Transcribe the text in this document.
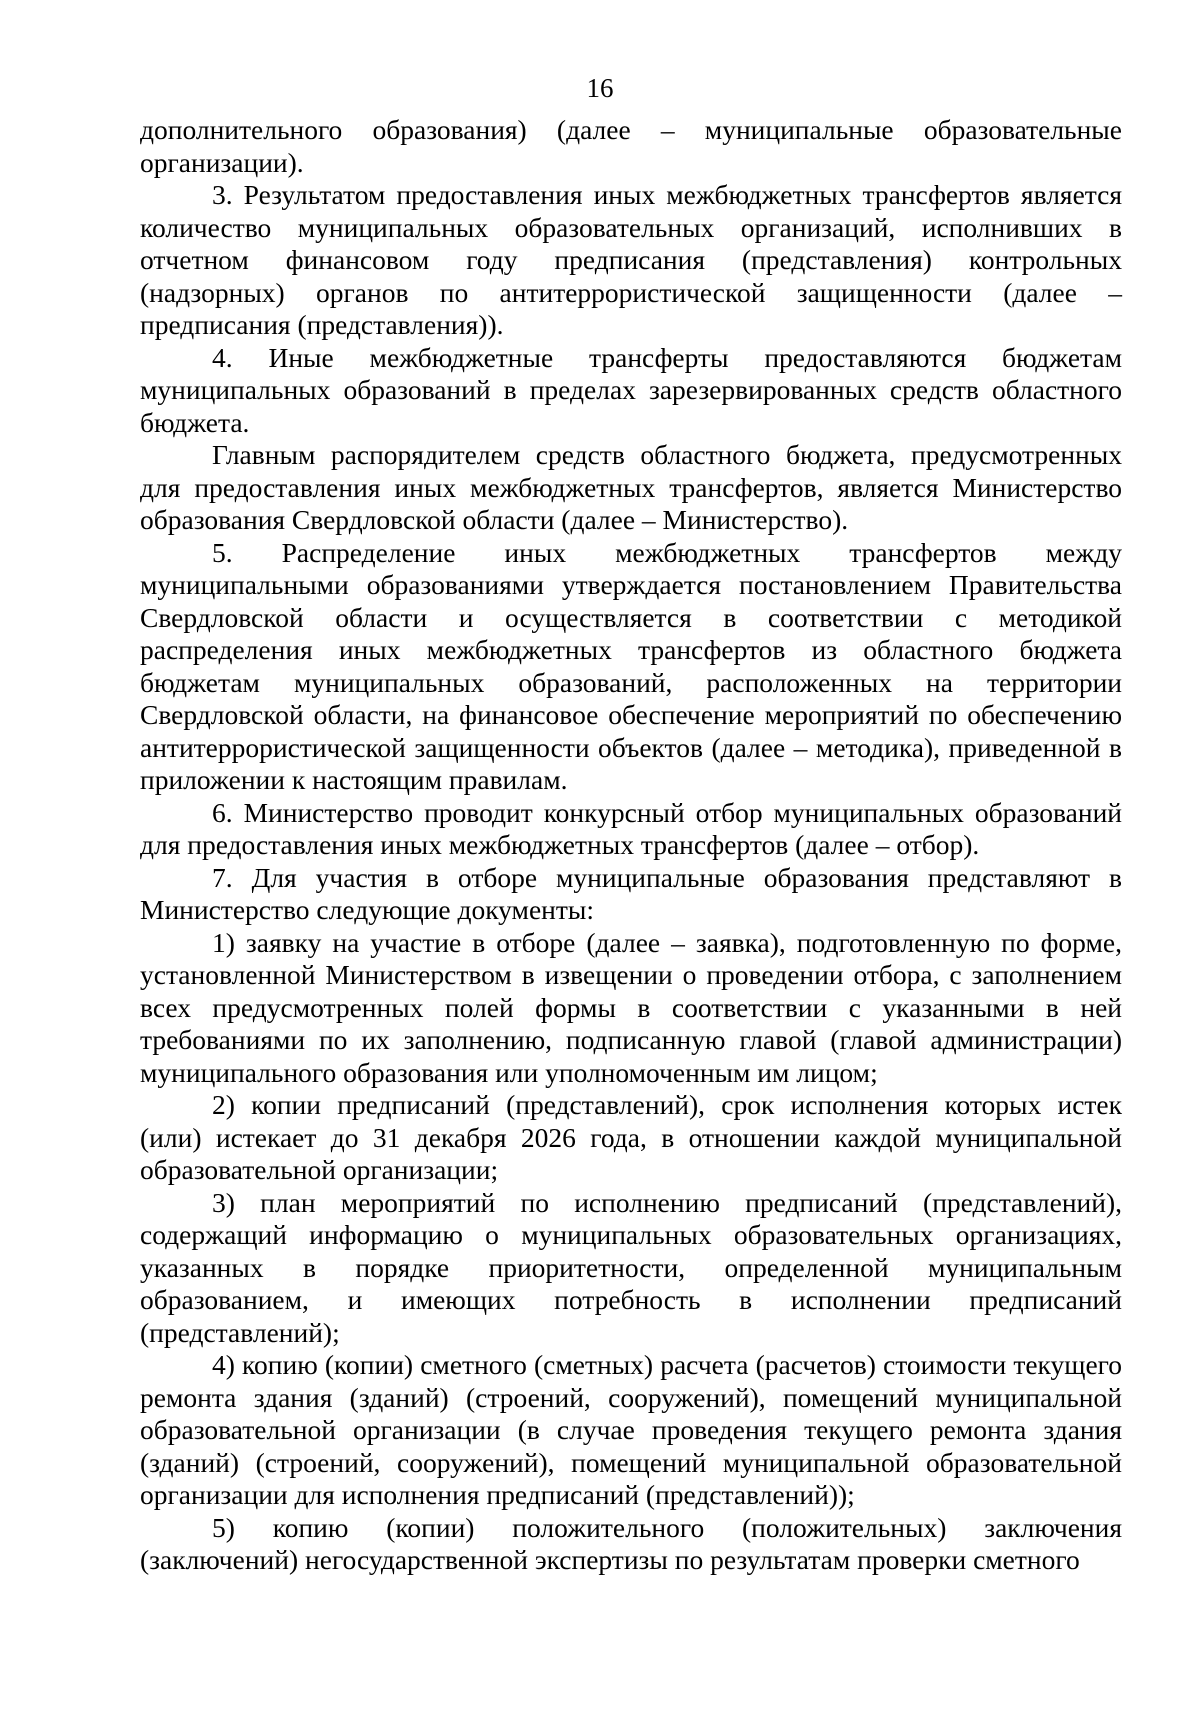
16

дополнительного образования) (далее – муниципальные образовательные организации).

3. Результатом предоставления иных межбюджетных трансфертов является количество муниципальных образовательных организаций, исполнивших в отчетном финансовом году предписания (представления) контрольных (надзорных) органов по антитеррористической защищенности (далее – предписания (представления)).

4. Иные межбюджетные трансферты предоставляются бюджетам муниципальных образований в пределах зарезервированных средств областного бюджета.

Главным распорядителем средств областного бюджета, предусмотренных для предоставления иных межбюджетных трансфертов, является Министерство образования Свердловской области (далее – Министерство).

5. Распределение иных межбюджетных трансфертов между муниципальными образованиями утверждается постановлением Правительства Свердловской области и осуществляется в соответствии с методикой распределения иных межбюджетных трансфертов из областного бюджета бюджетам муниципальных образований, расположенных на территории Свердловской области, на финансовое обеспечение мероприятий по обеспечению антитеррористической защищенности объектов (далее – методика), приведенной в приложении к настоящим правилам.

6. Министерство проводит конкурсный отбор муниципальных образований для предоставления иных межбюджетных трансфертов (далее – отбор).

7. Для участия в отборе муниципальные образования представляют в Министерство следующие документы:

1) заявку на участие в отборе (далее – заявка), подготовленную по форме, установленной Министерством в извещении о проведении отбора, с заполнением всех предусмотренных полей формы в соответствии с указанными в ней требованиями по их заполнению, подписанную главой (главой администрации) муниципального образования или уполномоченным им лицом;

2) копии предписаний (представлений), срок исполнения которых истек (или) истекает до 31 декабря 2026 года, в отношении каждой муниципальной образовательной организации;

3) план мероприятий по исполнению предписаний (представлений), содержащий информацию о муниципальных образовательных организациях, указанных в порядке приоритетности, определенной муниципальным образованием, и имеющих потребность в исполнении предписаний (представлений);

4) копию (копии) сметного (сметных) расчета (расчетов) стоимости текущего ремонта здания (зданий) (строений, сооружений), помещений муниципальной образовательной организации (в случае проведения текущего ремонта здания (зданий) (строений, сооружений), помещений муниципальной образовательной организации для исполнения предписаний (представлений));

5) копию (копии) положительного (положительных) заключения (заключений) негосударственной экспертизы по результатам проверки сметного
